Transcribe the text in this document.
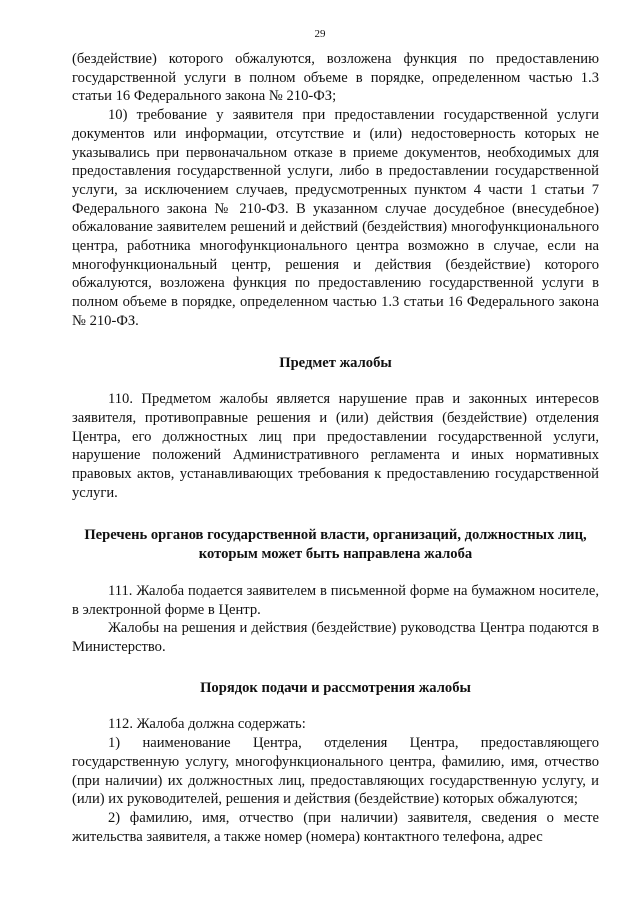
29

(бездействие) которого обжалуются, возложена функция по предоставлению государственной услуги в полном объеме в порядке, определенном частью 1.3 статьи 16 Федерального закона № 210-ФЗ;

10) требование у заявителя при предоставлении государственной услуги документов или информации, отсутствие и (или) недостоверность которых не указывались при первоначальном отказе в приеме документов, необходимых для предоставления государственной услуги, либо в предоставлении государственной услуги, за исключением случаев, предусмотренных пунктом 4 части 1 статьи 7 Федерального закона № 210-ФЗ. В указанном случае досудебное (внесудебное) обжалование заявителем решений и действий (бездействия) многофункционального центра, работника многофункционального центра возможно в случае, если на многофункциональный центр, решения и действия (бездействие) которого обжалуются, возложена функция по предоставлению государственной услуги в полном объеме в порядке, определенном частью 1.3 статьи 16 Федерального закона № 210-ФЗ.

Предмет жалобы

110. Предметом жалобы является нарушение прав и законных интересов заявителя, противоправные решения и (или) действия (бездействие) отделения Центра, его должностных лиц при предоставлении государственной услуги, нарушение положений Административного регламента и иных нормативных правовых актов, устанавливающих требования к предоставлению государственной услуги.

Перечень органов государственной власти, организаций, должностных лиц, которым может быть направлена жалоба

111. Жалоба подается заявителем в письменной форме на бумажном носителе, в электронной форме в Центр.

Жалобы на решения и действия (бездействие) руководства Центра подаются в Министерство.

Порядок подачи и рассмотрения жалобы

112. Жалоба должна содержать:

1) наименование Центра, отделения Центра, предоставляющего государственную услугу, многофункционального центра, фамилию, имя, отчество (при наличии) их должностных лиц, предоставляющих государственную услугу, и (или) их руководителей, решения и действия (бездействие) которых обжалуются;

2) фамилию, имя, отчество (при наличии) заявителя, сведения о месте жительства заявителя, а также номер (номера) контактного телефона, адрес
